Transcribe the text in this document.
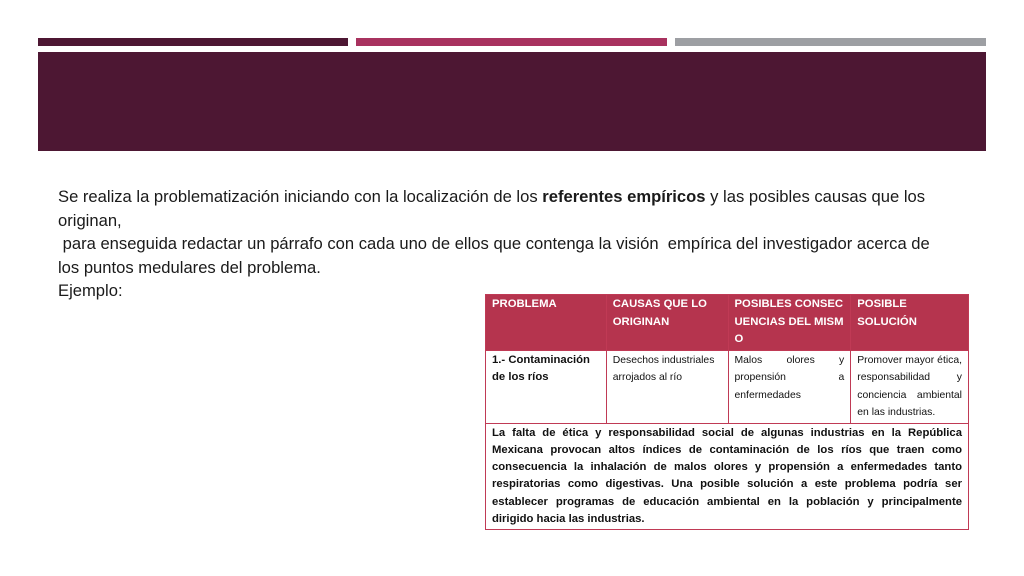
Se realiza la problematización iniciando con la localización de los referentes empíricos y las posibles causas que los originan,

para enseguida redactar un párrafo con cada uno de ellos que contenga la visión  empírica del investigador acerca de los puntos medulares del problema.

Ejemplo:

PROBLEMA	CAUSAS QUE LO ORIGINAN	POSIBLES CONSECUENCIAS DEL MISMO	POSIBLE SOLUCIÓN
1.- Contaminación de los ríos	Desechos industriales arrojados al río	Malos olores y propensión a enfermedades	Promover mayor ética, responsabilidad y conciencia ambiental en las industrias.
La falta de ética y responsabilidad social de algunas industrias en la República Mexicana provocan altos índices de contaminación de los ríos que traen como consecuencia la inhalación de malos olores y propensión a enfermedades tanto respiratorias como digestivas. Una posible solución a este problema podría ser establecer programas de educación ambiental en la población y principalmente dirigido hacia las industrias.			
